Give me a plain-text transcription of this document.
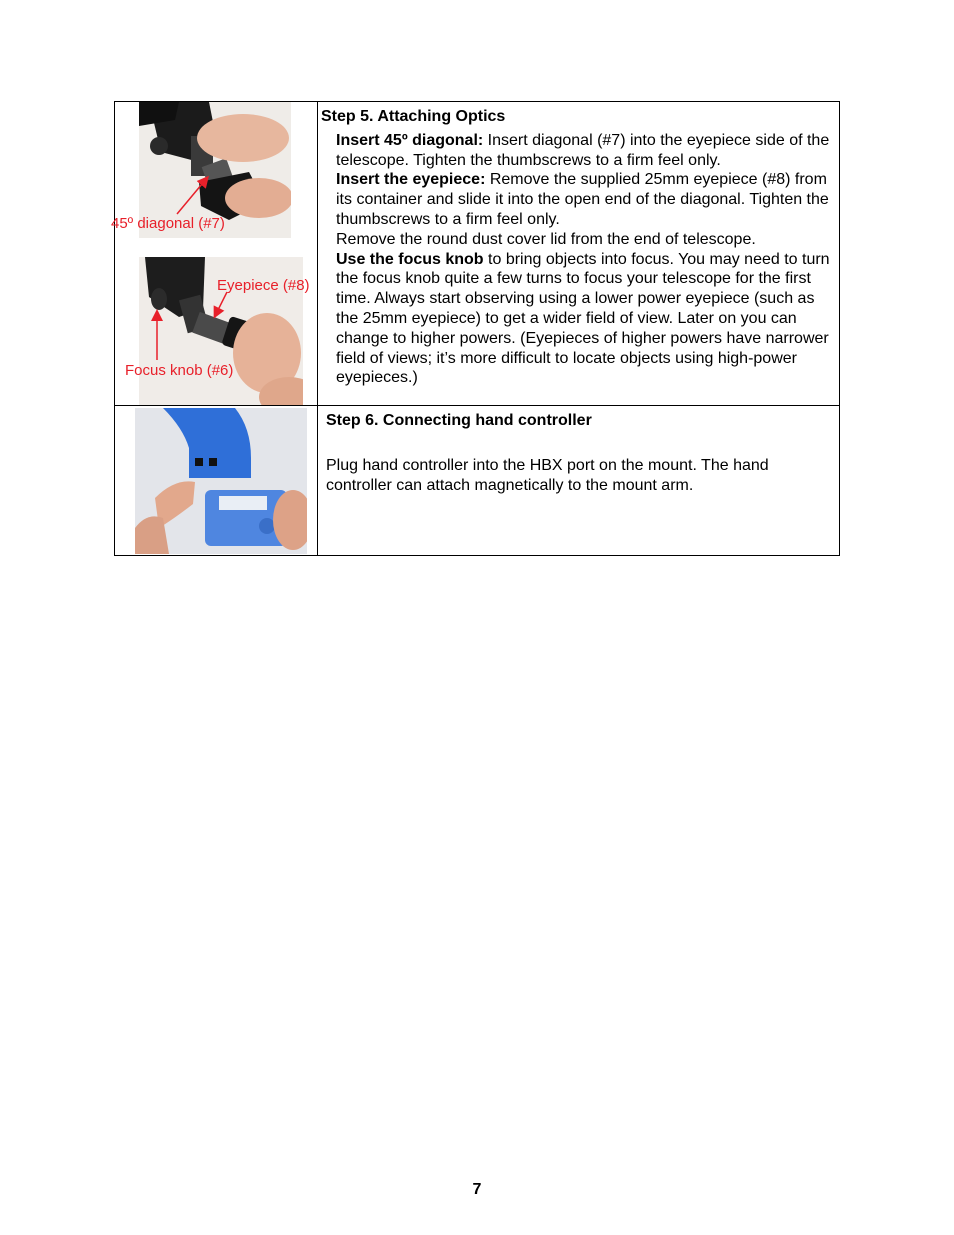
45º diagonal (#7)
Eyepiece (#8)
Focus knob (#6)
Step 5. Attaching Optics
Insert 45º diagonal: Insert diagonal (#7) into the eyepiece side of the telescope. Tighten the thumbscrews to a firm feel only.
Insert the eyepiece: Remove the supplied 25mm eyepiece (#8) from its container and slide it into the open end of the diagonal. Tighten the thumbscrews to a firm feel only.
Remove the round dust cover lid from the end of telescope.
Use the focus knob to bring objects into focus. You may need to turn the focus knob quite a few turns to focus your telescope for the first time. Always start observing using a lower power eyepiece (such as the 25mm eyepiece) to get a wider field of view. Later on you can change to higher powers. (Eyepieces of higher powers have narrower field of views; it’s more difficult to locate objects using high-power eyepieces.)
Step 6. Connecting hand controller
Plug hand controller into the HBX port on the mount. The hand controller can attach magnetically to the mount arm.
7
